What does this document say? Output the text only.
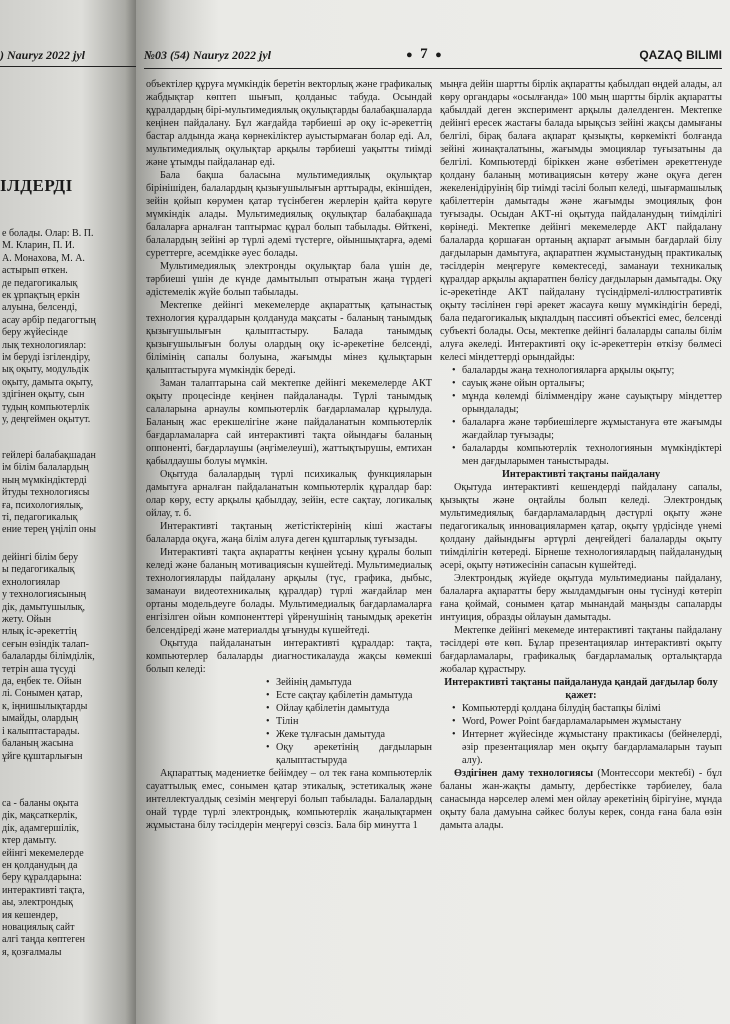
) Nauryz 2022 jyl
ІЛДЕРДІ
е болады. Олар: В. П.
М. Кларин, П. И.
А. Монахова, М. А.
астырып өткен.
де педагогикалық
ек ұрпақтың еркін
алуына, белсенді,
асау әрбір педагогтың
беру жүйесінде
лық технологиялар:
ім беруді ізгілендіру,
ық оқыту, модульдік
оқыту, дамыта оқыту,
здігінен оқыту, сын
тудың компьютерлік
у, деңгеймен оқытут.
гейлері балабақшадан
ім білім балалардың
ның мүмкіндіктерді
йтуды технологиясы
ға, психологиялық,
ті, педагогикалық
ение терең үңіліп оны
дейінгі білім беру
ы педагогикалық
ехнологиялар
у технологиясының
дік, дамытушылық,
жету. Ойын
нлық іс-әрекеттің
сеғын өзіндік талап-
балаларды білімділік,
тетрін аша түсуді
да, еңбек те. Ойын
лі. Сонымен қатар,
к, іңнишылықтарды
ымайды, олардың
і калыптастарады.
баланың жасына
ұйге құштарлығын
са - баланы оқыта
дік, мақсаткерлік,
дік, адамгершілік,
ктер дамыту.
ейінгі мекемелерде
ен қолданудың да
беру құралдарына:
интерактивті тақта,
аы, электрондық
ия кешендер,
новациялық сайт
алгі таңда көптеген
я, қозғалмалы
№03 (54) Nauryz 2022 jyl	● 7 ●	QAZAQ BILIMI

объектілер құруға мүмкіндік беретін векторлық және графикалық жабдықтар көптеп шығып, қолданыс табуда. Осындай құралдардың бірі-мультимедиялық оқулықтарды балабақшаларда кеңінен пайдалану. Бұл жағдайда тәрбиеші әр оқу іс-әрекеттің бастар алдында жаңа көрнекіліктер ауыстырмаған болар еді. Ал, мультимедиялық оқулықтар арқылы тәрбиеші уақытты тиімді және ұтымды пайдаланар еді.

Бала бақша баласына мультимедиялық оқулықтар бірінішіден, балалардың қызығушылығын арттырады, екіншіден, зейін қойып көрумен қатар түсінбеген жерлерін қайта көруге мүмкіндік алады. Мультимедиялық оқулықтар балабақшада балаларға арналған таптырмас құрал болып табылады. Өйткені, балалардың зейіні әр түрлі әдемі түстерге, ойыншықтарға, әдемі суреттерге, әсемдікке әуес болады.

Мультимедиялық электронды оқулықтар бала үшін де, тәрбиеші үшін де күнде дамытылып отыратын жаңа түрдегі әдістемелік жүйе болып табылады.

Мектепке дейінгі мекемелерде ақпараттық қатынастық технология құралдарын қолдануда мақсаты - баланың танымдық қызығушылығын қалыптастыру. Балада танымдық қызығушылығын болуы олардың оқу іс-әрекетіне белсенді, білімінің сапалы болуына, жағымды мінез құлықтарын қалыптастыруға мүмкіндік береді.

Заман талаптарына сай мектепке дейінгі мекемелерде АКТ оқыту процесінде кеңінен пайдаланады. Түрлі танымдық салаларына арнаулы компьютерлік бағдарламалар құрылуда. Баланың жас ерекшелігіне және пайдаланатын компьютерлік бағдарламаларға сай интерактивті тақта ойындағы баланың оппоненті, бағдарлаушы (әңгімелеуші), жаттықтырушы, емтихан қабылдаушы болуы мүмкін.

Оқытуда балалардың түрлі психикалық функцияларын дамытуға арналған пайдаланатын компьютерлік құралдар бар: олар көру, есту арқылы қабылдау, зейін, есте сақтау, логикалық ойлау, т. б.

Интерактивті тақтаның жетістіктерінің кіші жастағы балаларда оқуға, жаңа білім алуға деген құштарлық туғызады.

Интерактивті тақта ақпаратты кеңінен ұсыну құралы болып келеді және баланың мотивациясын күшейтеді. Мультимедиалық технологияларды пайдалану арқылы (түс, графика, дыбыс, заманауи видеотехникалық құралдар) түрлі жағдайлар мен ортаны модельдеуге болады. Мультимедиалық бағдарламаларға енгізілген ойын компоненттері үйренушінің танымдық әрекетін белсендіреді және материалды ұғынуды күшейтеді.

Оқытуда пайдаланатын интерактивті құралдар: тақта, компьютерлер балаларды диагностикалауда жақсы көмекші болып келеді:

• Зейінің дамытуда
• Есте сақтау қабілетін дамытуда
• Ойлау қабілетін дамытуда
• Тілін
• Жеке тұлғасын дамытуда
• Оқу әрекетінің дағдыларын қалыптастыруда

Ақпараттық мәдениетке бейімдеу – ол тек ғана компьютерлік сауаттылық емес, сонымен қатар этикалық, эстетикалық және интеллектуалдық сезімін меңгеруі болып табылады. Балалардың онай түрде түрлі электрондық, компьютерлік жаңалықтармен жұмыстана білу тәсілдерін меңгеруі сөзсіз. Бала бір минутта 1

мыңға дейін шартты бірлік ақпаратты қабылдап өңдей алады, ал көру органдары «осылғанда» 100 мың шартты бірлік ақпаратты қабылдай деген эксперимент арқылы дәлелденген. Мектепке дейінгі ересек жастағы балада ырықсыз зейіні жақсы дамығаны белгілі, бірақ балаға ақпарат қызықты, көркемікті болғанда зейіні жинақталатыны, жағымды эмоциялар туғызатыны да белгілі. Компьютерді біріккен және өзбетімен әрекеттенуде қолдану баланың мотивациясын көтеру және оқуға деген жекеленідіруінің бір тиімді тәсілі болып келеді, шығармашылық қабілеттерін дамытады және жағымды эмоциялық фон туғызады. Осыдан АКТ-ні оқытуда пайдаланудың тиімділігі көрінеді. Мектепке дейінгі мекемелерде АКТ пайдалану балаларда қоршаған ортаның ақпарат ағымын бағдарлай білу дағдыларын дамытуға, ақпаратпен жұмыстанудың практикалық тәсілдерін меңгеруге көмектеседі, заманауи техникалық құралдар арқылы ақпаратпен бөлісу дағдыларын дамытады. Оқу іс-әрекетінде АКТ пайдалану түсіндірмелі-иллюстративтік оқыту тәсілінен гөрі әрекет жасауға көшу мүмкіндігін береді, бала педагогикалық ықпалдың пассивті объектісі емес, белсенді субъекті болады. Осы, мектепке дейінгі балаларды сапалы білім алуға әкеледі. Интерактивті оқу іс-әрекеттерін өткізу бөлмесі келесі міндеттерді орындайды:

• балаларды жаңа технологияларға арқылы оқыту;
• сауық және ойын орталығы;
• мұнда көлемді біліммендіру және сауықтыру міндеттер орындалады;
• балаларға және тәрбиешілерге жұмыстануға өте жағымды жағдайлар туғызады;
• балаларды компьютерлік технологиянын мүмкіндіктері мен дағдыларымен таныстырады.

Интерактивті тақтаны пайдалану

Оқытуда интерактивті кешендерді пайдалану сапалы, қызықты және оңтайлы болып келеді. Электрондық мультимедиялық бағдарламалардың дәстүрлі оқыту және педагогикалық инновациялармен қатар, оқыту үрдісінде үнемі қолдану дайындығы әртүрлі деңгейдегі балаларды оқыту тиімділігін көтереді. Бірнеше технологиялардың пайдаланудың әсері, оқыту нәтижесінін сапасын күшейтеді.

Электрондық жүйеде оқытуда мультимедианы пайдалану, балаларға ақпаратты беру жылдамдығын оны түсінуді көтеріп ғана қоймай, сонымен қатар мынандай маңызды сапаларды интуиция, образды ойлауын дамытады.

Мектепке дейінгі мекемеде интерактивті тақтаны пайдалану тәсілдері өте көп. Бұлар презентациялар интерактивті оқыту бағдарламалары, графикалық бағдарламалық орталықтарда жобалар құрастыру.

Интерактивті тақтаны пайдалануда қандай дағдылар болу қажет:

• Компьютерді қолдана білудің бастапқы білімі
• Word, Power Point бағдарламаларымен жұмыстану
• Интернет жүйесінде жұмыстану практикасы (бейнелерді, әзір презентациялар мен оқыту бағдарламаларын тауып алу).

Өздігінен даму технологиясы (Монтессори мектебі) - бұл баланы жан-жақты дамыту, дербестікке тәрбиелеу, бала санасында нәрселер әлемі мен ойлау әрекетінің бірігуіне, мұнда оқыту бала дамуына сәйкес болуы керек, сонда ғана бала өзін дамыта алады.
